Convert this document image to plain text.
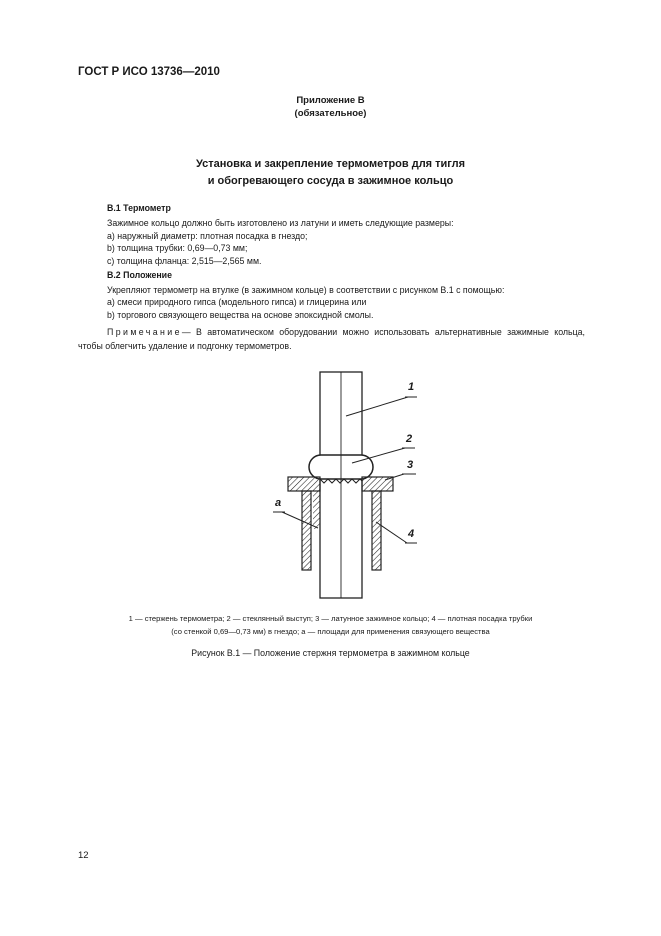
ГОСТ Р ИСО 13736—2010
Приложение В
(обязательное)
Установка и закрепление термометров для тигля
и обогревающего сосуда в зажимное кольцо
В.1 Термометр
Зажимное кольцо должно быть изготовлено из латуни и иметь следующие размеры:
a) наружный диаметр: плотная посадка в гнездо;
b) толщина трубки: 0,69—0,73 мм;
c) толщина фланца: 2,515—2,565 мм.
В.2 Положение
Укрепляют термометр на втулке (в зажимном кольце) в соответствии с рисунком В.1 с помощью:
a) смеси природного гипса (модельного гипса) и глицерина или
b) торгового связующего вещества на основе эпоксидной смолы.
Примечание— В автоматическом оборудовании можно использовать альтернативные зажимные кольца, чтобы облегчить удаление и подгонку термометров.
1
2
3
4
a
1 — стержень термометра; 2 — стеклянный выступ; 3 — латунное зажимное кольцо; 4 — плотная посадка трубки
(со стенкой 0,69—0,73 мм) в гнездо; a — площади для применения связующего вещества
Рисунок В.1 — Положение стержня термометра в зажимном кольце
12
